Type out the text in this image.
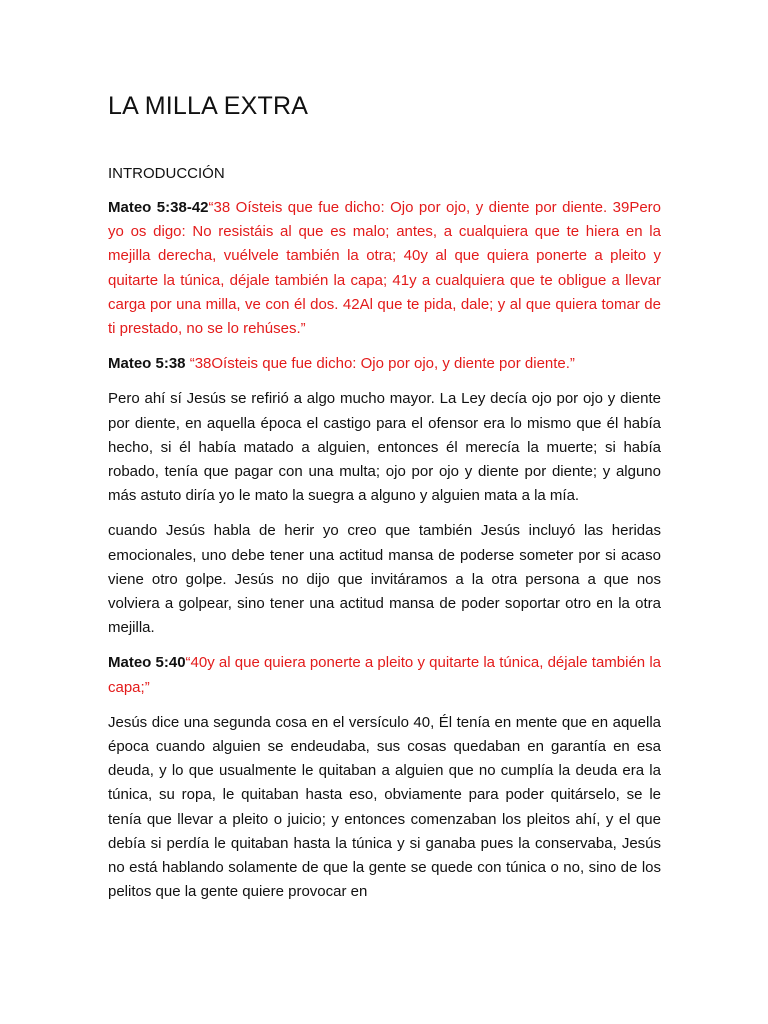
LA MILLA EXTRA
INTRODUCCIÓN

Mateo 5:38-42“38 Oísteis que fue dicho: Ojo por ojo, y diente por diente. 39Pero yo os digo: No resistáis al que es malo; antes, a cualquiera que te hiera en la mejilla derecha, vuélvele también la otra; 40y al que quiera ponerte a pleito y quitarte la túnica, déjale también la capa; 41y a cualquiera que te obligue a llevar carga por una milla, ve con él dos. 42Al que te pida, dale; y al que quiera tomar de ti prestado, no se lo rehúses.”

Mateo 5:38 “38Oísteis que fue dicho: Ojo por ojo, y diente por diente.”

Pero ahí sí Jesús se refirió a algo mucho mayor. La Ley decía ojo por ojo y diente por diente, en aquella época el castigo para el ofensor era lo mismo que él había hecho, si él había matado a alguien, entonces él merecía la muerte; si había robado, tenía que pagar con una multa; ojo por ojo y diente por diente; y alguno más astuto diría yo le mato la suegra a alguno y alguien mata a la mía.

cuando Jesús habla de herir yo creo que también Jesús incluyó las heridas emocionales, uno debe tener una actitud mansa de poderse someter por si acaso viene otro golpe. Jesús no dijo que invitáramos a la otra persona a que nos volviera a golpear, sino tener una actitud mansa de poder soportar otro en la otra mejilla.

Mateo 5:40“40y al que quiera ponerte a pleito y quitarte la túnica, déjale también la capa;”

Jesús dice una segunda cosa en el versículo 40, Él tenía en mente que en aquella época cuando alguien se endeudaba, sus cosas quedaban en garantía en esa deuda, y lo que usualmente le quitaban a alguien que no cumplía la deuda era la túnica, su ropa, le quitaban hasta eso, obviamente para poder quitárselo, se le tenía que llevar a pleito o juicio; y entonces comenzaban los pleitos ahí, y el que debía si perdía le quitaban hasta la túnica y si ganaba pues la conservaba, Jesús no está hablando solamente de que la gente se quede con túnica o no, sino de los pelitos que la gente quiere provocar en
